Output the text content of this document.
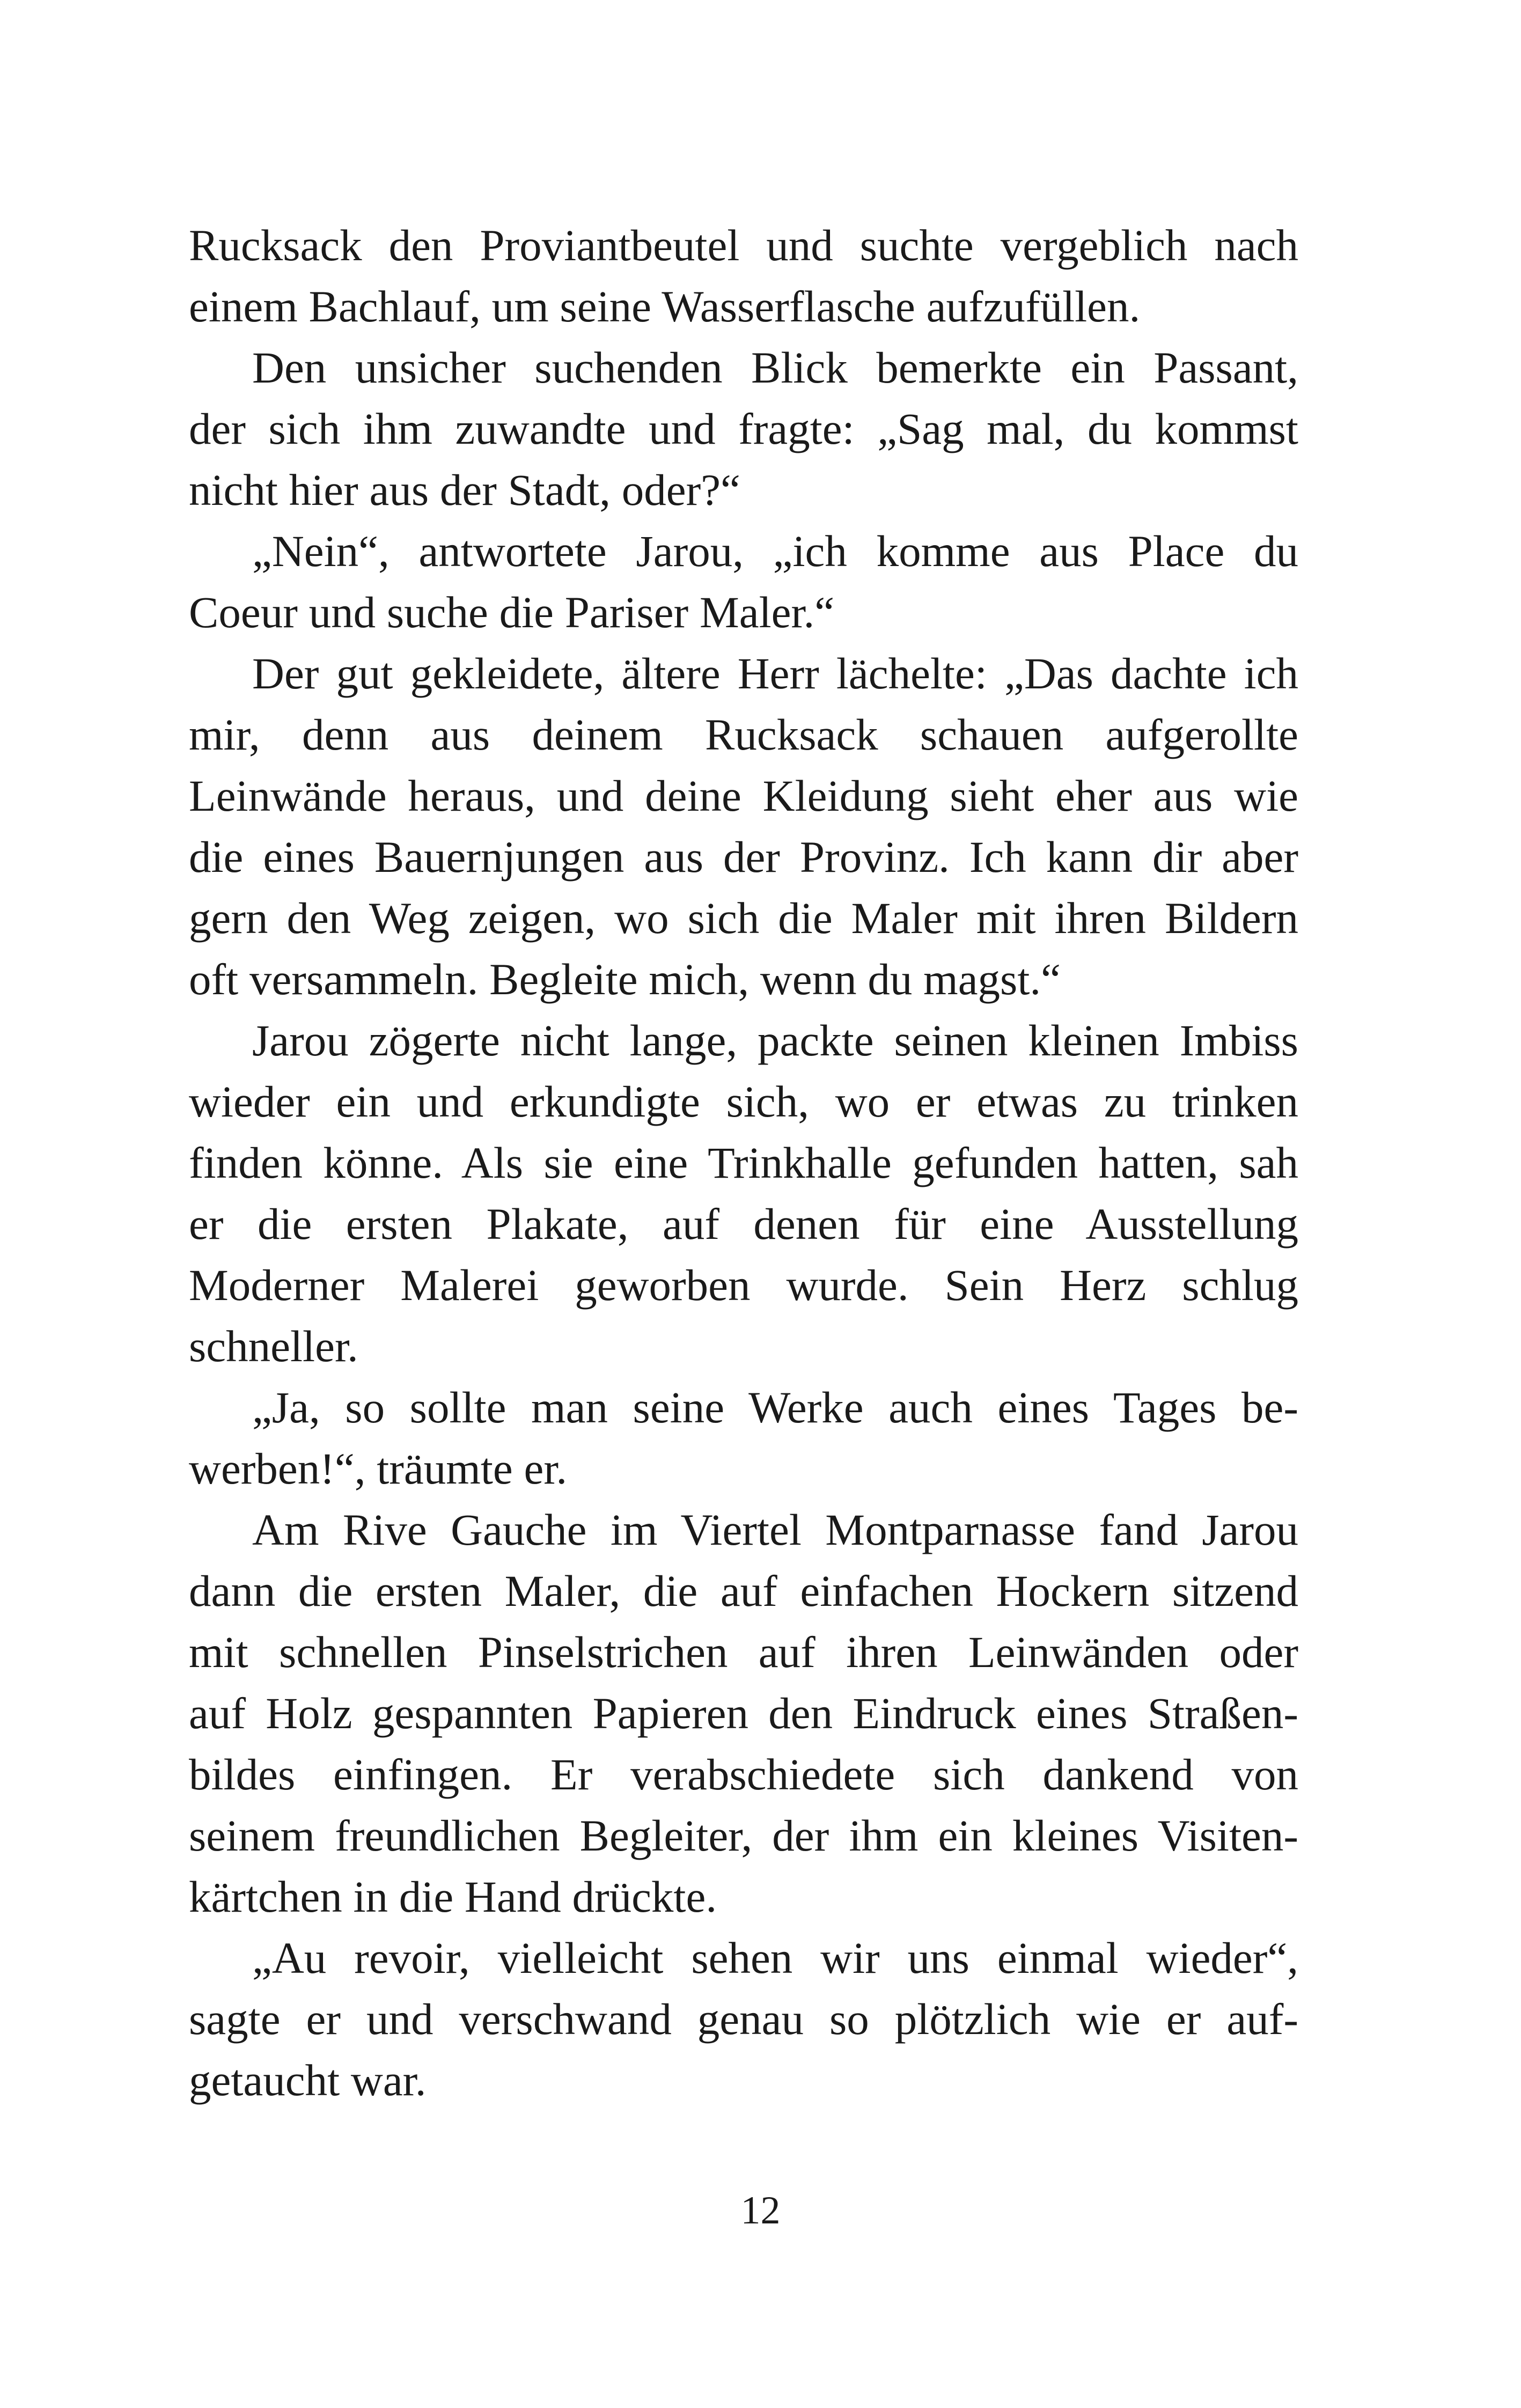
Rucksack den Proviantbeutel und suchte vergeblich nach
einem Bachlauf, um seine Wasserflasche aufzufüllen.
Den unsicher suchenden Blick bemerkte ein Passant,
der sich ihm zuwandte und fragte: „Sag mal, du kommst
nicht hier aus der Stadt, oder?“
„Nein“, antwortete Jarou, „ich komme aus Place du
Coeur und suche die Pariser Maler.“
Der gut gekleidete, ältere Herr lächelte: „Das dachte ich
mir, denn aus deinem Rucksack schauen aufgerollte
Leinwände heraus, und deine Kleidung sieht eher aus wie
die eines Bauernjungen aus der Provinz. Ich kann dir aber
gern den Weg zeigen, wo sich die Maler mit ihren Bildern
oft versammeln. Begleite mich, wenn du magst.“
Jarou zögerte nicht lange, packte seinen kleinen Imbiss
wieder ein und erkundigte sich, wo er etwas zu trinken
finden könne. Als sie eine Trinkhalle gefunden hatten, sah
er die ersten Plakate, auf denen für eine Ausstellung
Moderner Malerei geworben wurde. Sein Herz schlug
schneller.
„Ja, so sollte man seine Werke auch eines Tages be-
werben!“, träumte er.
Am Rive Gauche im Viertel Montparnasse fand Jarou
dann die ersten Maler, die auf einfachen Hockern sitzend
mit schnellen Pinselstrichen auf ihren Leinwänden oder
auf Holz gespannten Papieren den Eindruck eines Straßen-
bildes einfingen. Er verabschiedete sich dankend von
seinem freundlichen Begleiter, der ihm ein kleines Visiten-
kärtchen in die Hand drückte.
„Au revoir, vielleicht sehen wir uns einmal wieder“,
sagte er und verschwand genau so plötzlich wie er auf-
getaucht war.
12
